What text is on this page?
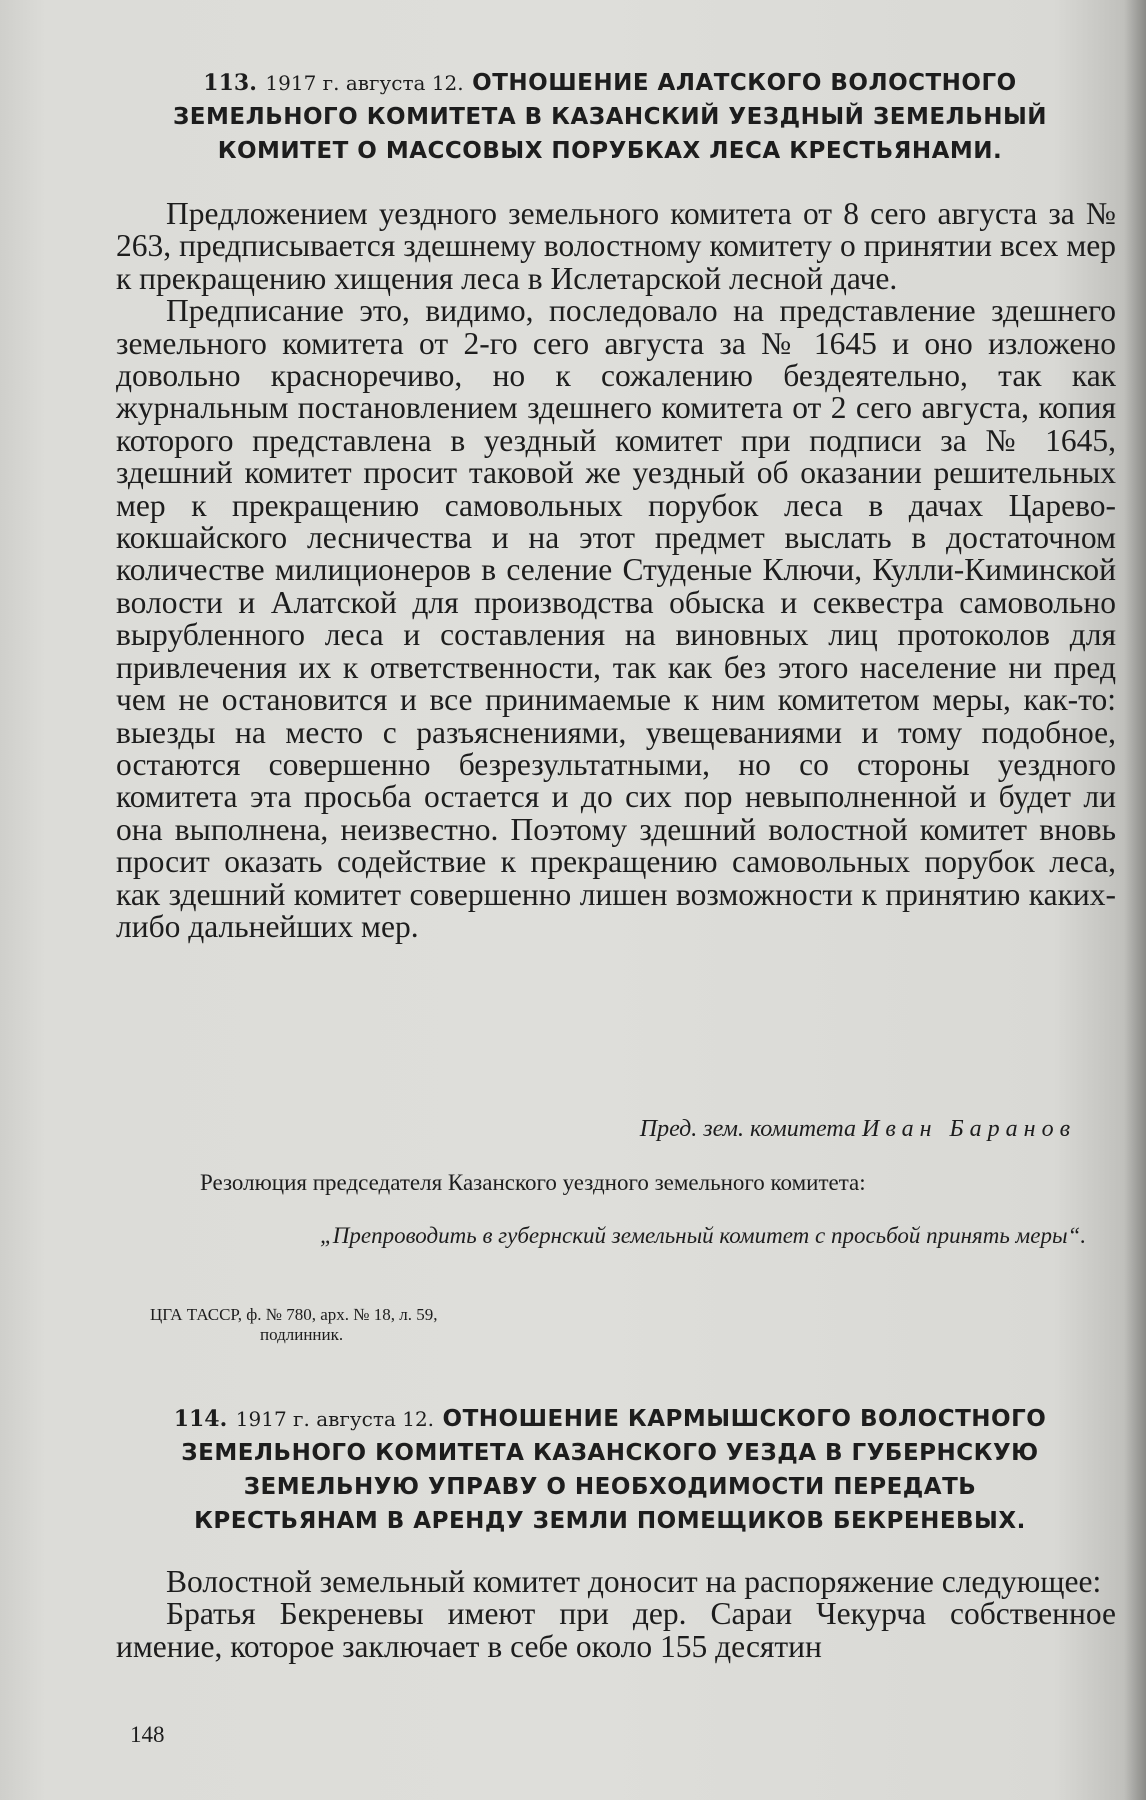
113. 1917 г. августа 12. ОТНОШЕНИЕ АЛАТСКОГО ВОЛОСТНОГО
ЗЕМЕЛЬНОГО КОМИТЕТА В КАЗАНСКИЙ УЕЗДНЫЙ ЗЕМЕЛЬНЫЙ
КОМИТЕТ О МАССОВЫХ ПОРУБКАХ ЛЕСА КРЕСТЬЯНАМИ.

Предложением уездного земельного комитета от 8 сего августа за № 263, предписывается здешнему волостному комитету о принятии всех мер к прекращению хищения леса в Ислетарской лесной даче.

Предписание это, видимо, последовало на представление здешнего земельного комитета от 2-го сего августа за № 1645 и оно изложено довольно красноречиво, но к сожалению бездеятельно, так как журнальным постановлением здешнего комитета от 2 сего августа, копия которого представлена в уездный комитет при подписи за № 1645, здешний комитет просит таковой же уездный об оказании решительных мер к прекращению самовольных порубок леса в дачах Царево-кокшайского лесничества и на этот предмет выслать в достаточном количестве милиционеров в селение Студеные Ключи, Кулли-Киминской волости и Алатской для производства обыска и секвестра самовольно вырубленного леса и составления на виновных лиц протоколов для привлечения их к ответственности, так как без этого население ни пред чем не остановится и все принимаемые к ним комитетом меры, как-то: выезды на место с разъяснениями, увещеваниями и тому подобное, остаются совершенно безрезультатными, но со стороны уездного комитета эта просьба остается и до сих пор невыполненной и будет ли она выполнена, неизвестно. Поэтому здешний волостной комитет вновь просит оказать содействие к прекращению самовольных порубок леса, как здешний комитет совершенно лишен возможности к принятию каких-либо дальнейших мер.

Пред. зем. комитета Иван Баранов
Резолюция председателя Казанского уездного земельного комитета:
„Препроводить в губернский земельный комитет с просьбой принять меры“.
ЦГА ТАССР, ф. № 780, арх. № 18, л. 59,
подлинник.
114. 1917 г. августа 12. ОТНОШЕНИЕ КАРМЫШСКОГО ВОЛОСТНОГО
ЗЕМЕЛЬНОГО КОМИТЕТА КАЗАНСКОГО УЕЗДА В ГУБЕРНСКУЮ
ЗЕМЕЛЬНУЮ УПРАВУ О НЕОБХОДИМОСТИ ПЕРЕДАТЬ
КРЕСТЬЯНАМ В АРЕНДУ ЗЕМЛИ ПОМЕЩИКОВ БЕКРЕНЕВЫХ.

Волостной земельный комитет доносит на распоряжение следующее:

Братья Бекреневы имеют при дер. Сараи Чекурча собственное имение, которое заключает в себе около 155 десятин

148
